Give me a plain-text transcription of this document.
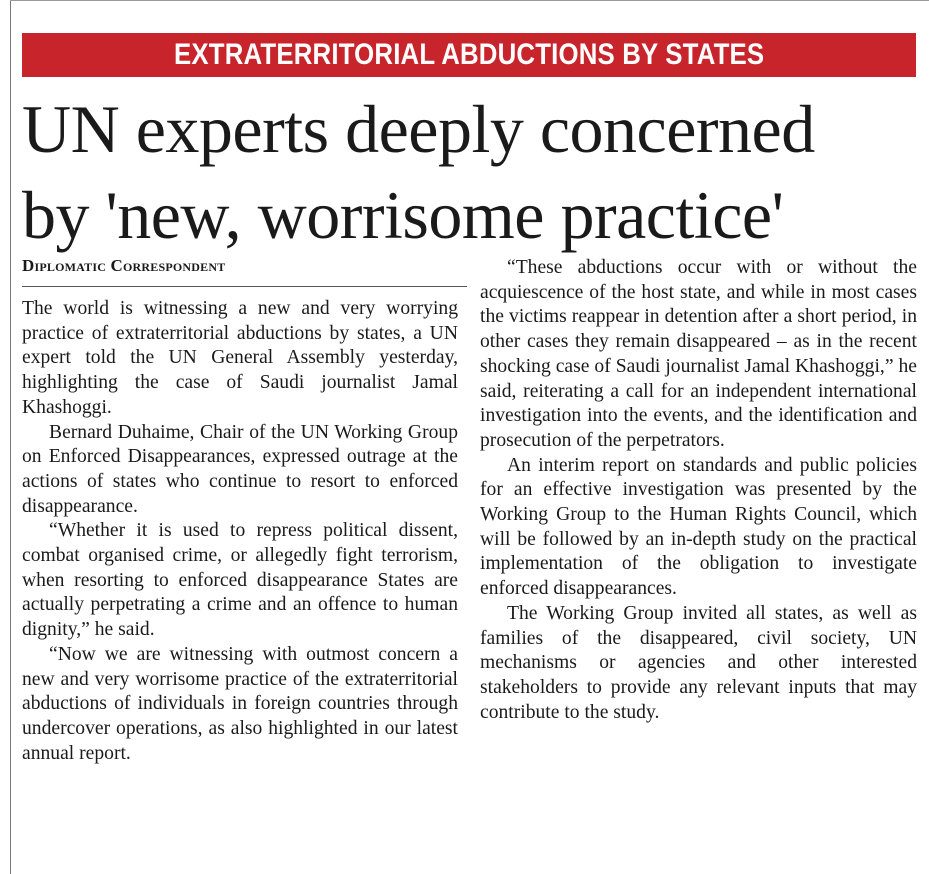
EXTRATERRITORIAL ABDUCTIONS BY STATES
UN experts deeply concerned
by 'new, worrisome practice'
Diplomatic Correspondent

The world is witnessing a new and very worrying practice of extraterritorial abductions by states, a UN expert told the UN General Assembly yesterday, highlighting the case of Saudi journalist Jamal Khashoggi.

Bernard Duhaime, Chair of the UN Working Group on Enforced Disappearances, expressed outrage at the actions of states who continue to resort to enforced disappearance.

“Whether it is used to repress political dissent, combat organised crime, or allegedly fight terrorism, when resorting to enforced disappearance States are actually perpetrating a crime and an offence to human dignity,” he said.

“Now we are witnessing with outmost concern a new and very worrisome practice of the extraterritorial abductions of individuals in foreign countries through undercover operations, as also highlighted in our latest annual report.

“These abductions occur with or without the acquiescence of the host state, and while in most cases the victims reappear in detention after a short period, in other cases they remain disappeared – as in the recent shocking case of Saudi journalist Jamal Khashoggi,” he said, reiterating a call for an independent international investigation into the events, and the identification and prosecution of the perpetrators.

An interim report on standards and public policies for an effective investigation was presented by the Working Group to the Human Rights Council, which will be followed by an in-depth study on the practical implementation of the obligation to investigate enforced disappearances.

The Working Group invited all states, as well as families of the disappeared, civil society, UN mechanisms or agencies and other interested stakeholders to provide any relevant inputs that may contribute to the study.
